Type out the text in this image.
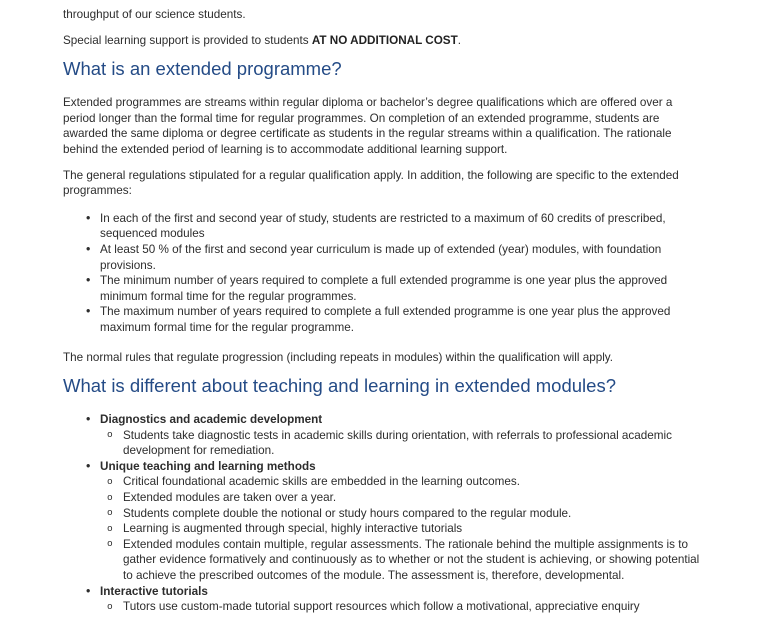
throughput of our science students.

Special learning support is provided to students AT NO ADDITIONAL COST.

What is an extended programme?

Extended programmes are streams within regular diploma or bachelor’s degree qualifications which are offered over a period longer than the formal time for regular programmes. On completion of an extended programme, students are awarded the same diploma or degree certificate as students in the regular streams within a qualification. The rationale behind the extended period of learning is to accommodate additional learning support.

The general regulations stipulated for a regular qualification apply. In addition, the following are specific to the extended programmes:

• In each of the first and second year of study, students are restricted to a maximum of 60 credits of prescribed, sequenced modules
• At least 50 % of the first and second year curriculum is made up of extended (year) modules, with foundation provisions.
• The minimum number of years required to complete a full extended programme is one year plus the approved minimum formal time for the regular programmes.
• The maximum number of years required to complete a full extended programme is one year plus the approved maximum formal time for the regular programme.

The normal rules that regulate progression (including repeats in modules) within the qualification will apply.

What is different about teaching and learning in extended modules?
• Diagnostics and academic development
o Students take diagnostic tests in academic skills during orientation, with referrals to professional academic development for remediation.
• Unique teaching and learning methods
o Critical foundational academic skills are embedded in the learning outcomes.
o Extended modules are taken over a year.
o Students complete double the notional or study hours compared to the regular module.
o Learning is augmented through special, highly interactive tutorials
o Extended modules contain multiple, regular assessments. The rationale behind the multiple assignments is to gather evidence formatively and continuously as to whether or not the student is achieving, or showing potential to achieve the prescribed outcomes of the module. The assessment is, therefore, developmental.
• Interactive tutorials
o Tutors use custom-made tutorial support resources which follow a motivational, appreciative enquiry
